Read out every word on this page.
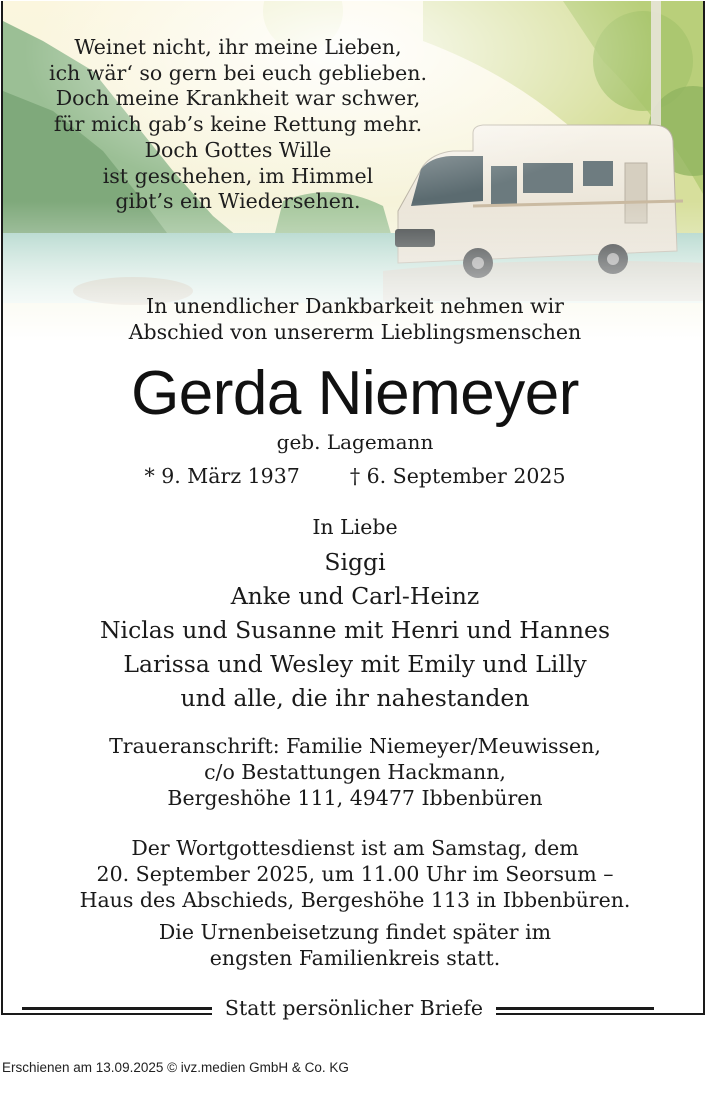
Weinet nicht, ihr meine Lieben,
ich wär‘ so gern bei euch geblieben.
Doch meine Krankheit war schwer,
für mich gab’s keine Rettung mehr.
Doch Gottes Wille
ist geschehen, im Himmel
gibt’s ein Wiedersehen.
In unendlicher Dankbarkeit nehmen wir
Abschied von unsererm Lieblingsmenschen
Gerda Niemeyer
geb. Lagemann
* 9. März 1937 † 6. September 2025
In Liebe
Siggi
Anke und Carl-Heinz
Niclas und Susanne mit Henri und Hannes
Larissa und Wesley mit Emily und Lilly
und alle, die ihr nahestanden
Traueranschrift: Familie Niemeyer/Meuwissen,
c/o Bestattungen Hackmann,
Bergeshöhe 111, 49477 Ibbenbüren
Der Wortgottesdienst ist am Samstag, dem
20. September 2025, um 11.00 Uhr im Seorsum –
Haus des Abschieds, Bergeshöhe 113 in Ibbenbüren.
Die Urnenbeisetzung findet später im
engsten Familienkreis statt.
Statt persönlicher Briefe
Erschienen am 13.09.2025 © ivz.medien GmbH & Co. KG
